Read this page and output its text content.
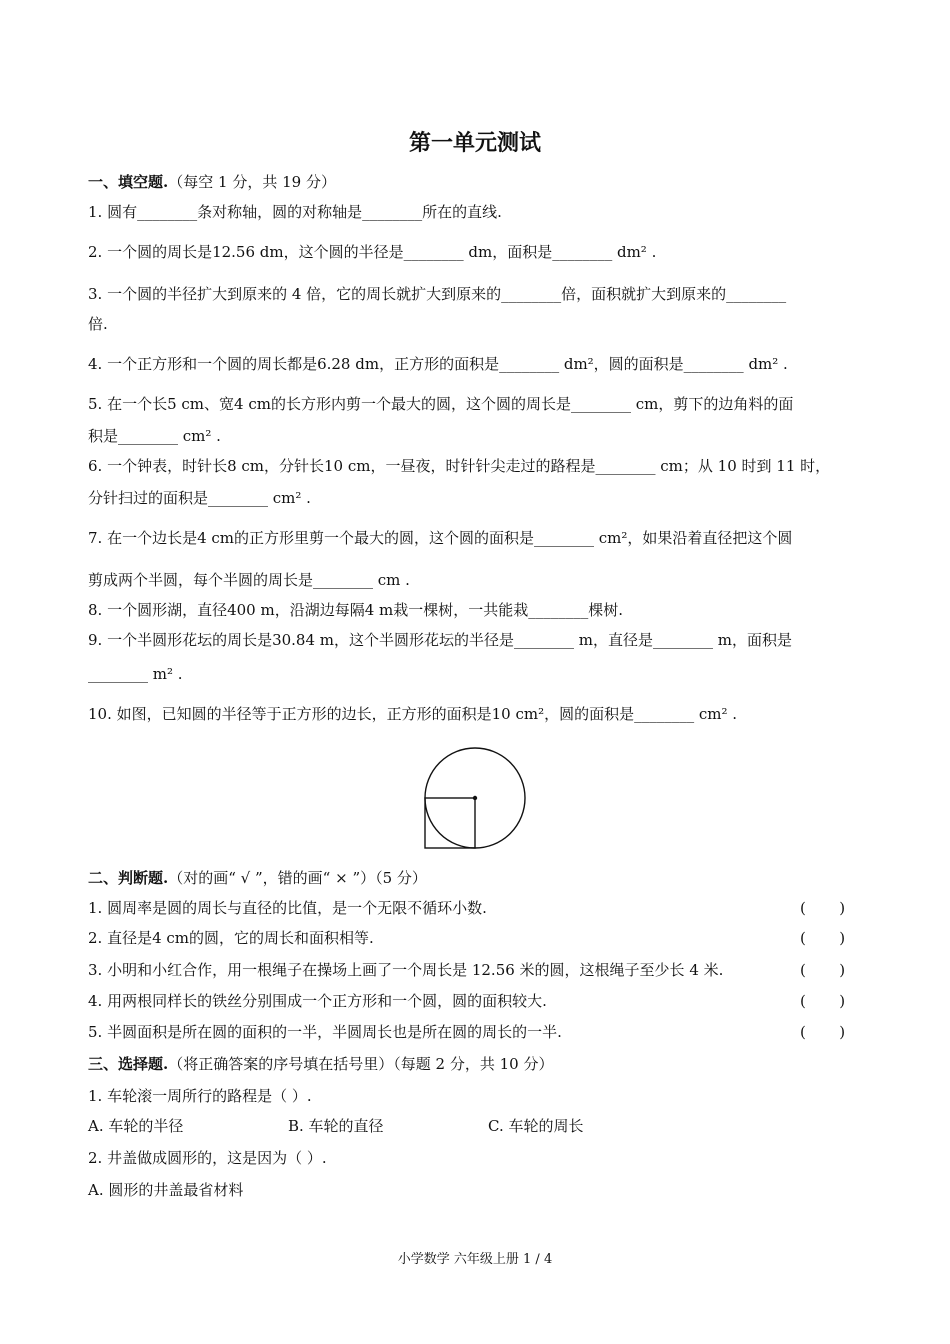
第一单元测试
一、填空题.（每空 1 分，共 19 分）
1. 圆有________条对称轴，圆的对称轴是________所在的直线.
2. 一个圆的周长是12.56 dm，这个圆的半径是________ dm，面积是________ dm² .
3. 一个圆的半径扩大到原来的 4 倍，它的周长就扩大到原来的________倍，面积就扩大到原来的________
倍.
4. 一个正方形和一个圆的周长都是6.28 dm，正方形的面积是________ dm²，圆的面积是________ dm² .
5. 在一个长5 cm、宽4 cm的长方形内剪一个最大的圆，这个圆的周长是________ cm，剪下的边角料的面
积是________ cm² .
6. 一个钟表，时针长8 cm，分针长10 cm，一昼夜，时针针尖走过的路程是________ cm；从 10 时到 11 时，
分针扫过的面积是________ cm² .
7. 在一个边长是4 cm的正方形里剪一个最大的圆，这个圆的面积是________ cm²，如果沿着直径把这个圆
剪成两个半圆，每个半圆的周长是________ cm .
8. 一个圆形湖，直径400 m，沿湖边每隔4 m栽一棵树，一共能栽________棵树.
9. 一个半圆形花坛的周长是30.84 m，这个半圆形花坛的半径是________ m，直径是________ m，面积是
________ m² .
10. 如图，已知圆的半径等于正方形的边长，正方形的面积是10 cm²，圆的面积是________ cm² .
二、判断题.（对的画“ √ ”，错的画“ × ”）（5 分）
1. 圆周率是圆的周长与直径的比值，是一个无限不循环小数.	(       )
2. 直径是4 cm的圆，它的周长和面积相等.	(       )
3. 小明和小红合作，用一根绳子在操场上画了一个周长是 12.56 米的圆，这根绳子至少长 4 米.	(       )
4. 用两根同样长的铁丝分别围成一个正方形和一个圆，圆的面积较大.	(       )
5. 半圆面积是所在圆的面积的一半，半圆周长也是所在圆的周长的一半.	(       )
三、选择题.（将正确答案的序号填在括号里）（每题 2 分，共 10 分）
1. 车轮滚一周所行的路程是（ ）.
A. 车轮的半径	B. 车轮的直径	C. 车轮的周长
2. 井盖做成圆形的，这是因为（ ）.
A. 圆形的井盖最省材料
小学数学 六年级上册 1 / 4
